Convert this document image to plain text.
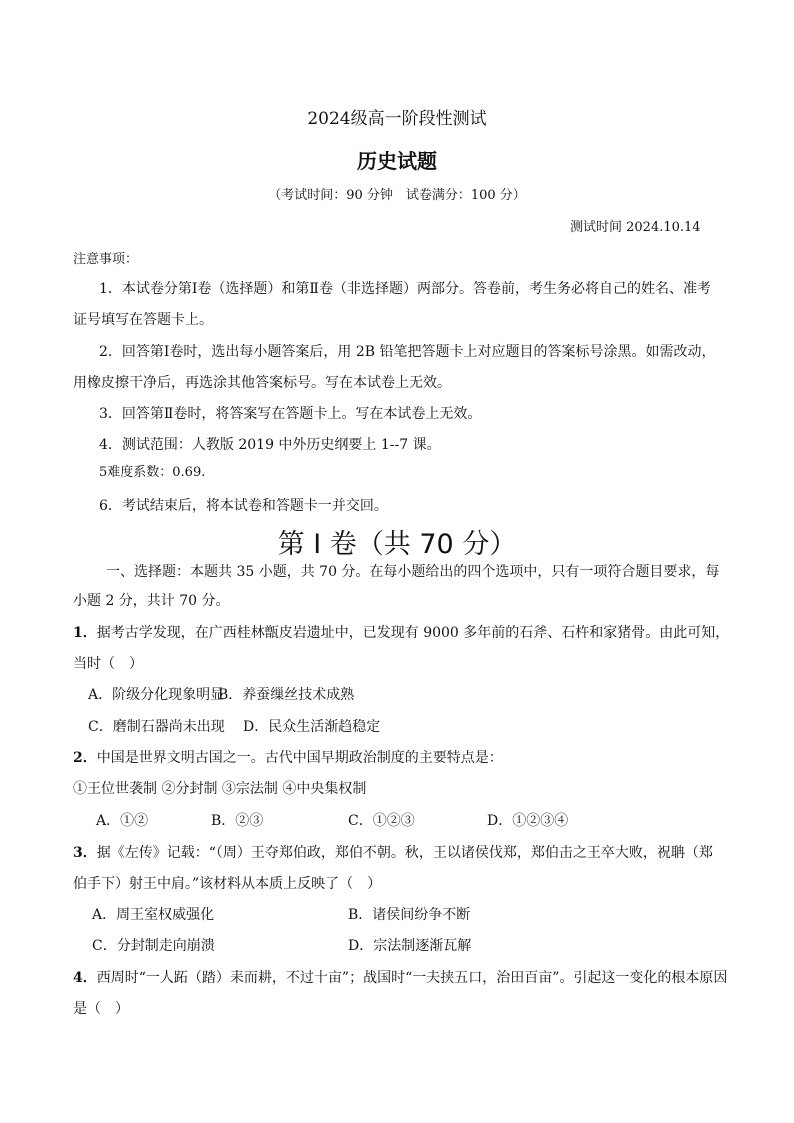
2024级高一阶段性测试
历史试题
（考试时间：90 分钟　试卷满分：100 分）
测试时间 2024.10.14
注意事项：
1．本试卷分第Ⅰ卷（选择题）和第Ⅱ卷（非选择题）两部分。答卷前，考生务必将自己的姓名、准考
证号填写在答题卡上。
2．回答第Ⅰ卷时，选出每小题答案后，用 2B 铅笔把答题卡上对应题目的答案标号涂黑。如需改动，
用橡皮擦干净后，再选涂其他答案标号。写在本试卷上无效。
3．回答第Ⅱ卷时，将答案写在答题卡上。写在本试卷上无效。
4．测试范围：人教版 2019 中外历史纲要上 1--7 课。
5难度系数：0.69.
6．考试结束后，将本试卷和答题卡一并交回。
第 I 卷（共 70 分）
一、选择题：本题共 35 小题，共 70 分。在每小题给出的四个选项中，只有一项符合题目要求，每
小题 2 分，共计 70 分。
1．据考古学发现，在广西桂林甑皮岩遗址中，已发现有 9000 多年前的石斧、石杵和家猪骨。由此可知，
当时（　）
A．阶级分化现象明显
B．养蚕缫丝技术成熟
C．磨制石器尚未出现 D．民众生活渐趋稳定
2．中国是世界文明古国之一。古代中国早期政治制度的主要特点是：
①王位世袭制 ②分封制 ③宗法制 ④中央集权制
A．①②	B．②③	C．①②③	D．①②③④
3．据《左传》记载：“（周）王夺郑伯政，郑伯不朝。秋，王以诸侯伐郑，郑伯击之王卒大败，祝聃（郑
伯手下）射王中肩。”该材料从本质上反映了（　）
A．周王室权威强化	B．诸侯间纷争不断
C．分封制走向崩溃	D．宗法制逐渐瓦解
4．西周时“一人跖（踏）耒而耕，不过十亩”；战国时“一夫挟五口，治田百亩”。引起这一变化的根本原因
是（　）
